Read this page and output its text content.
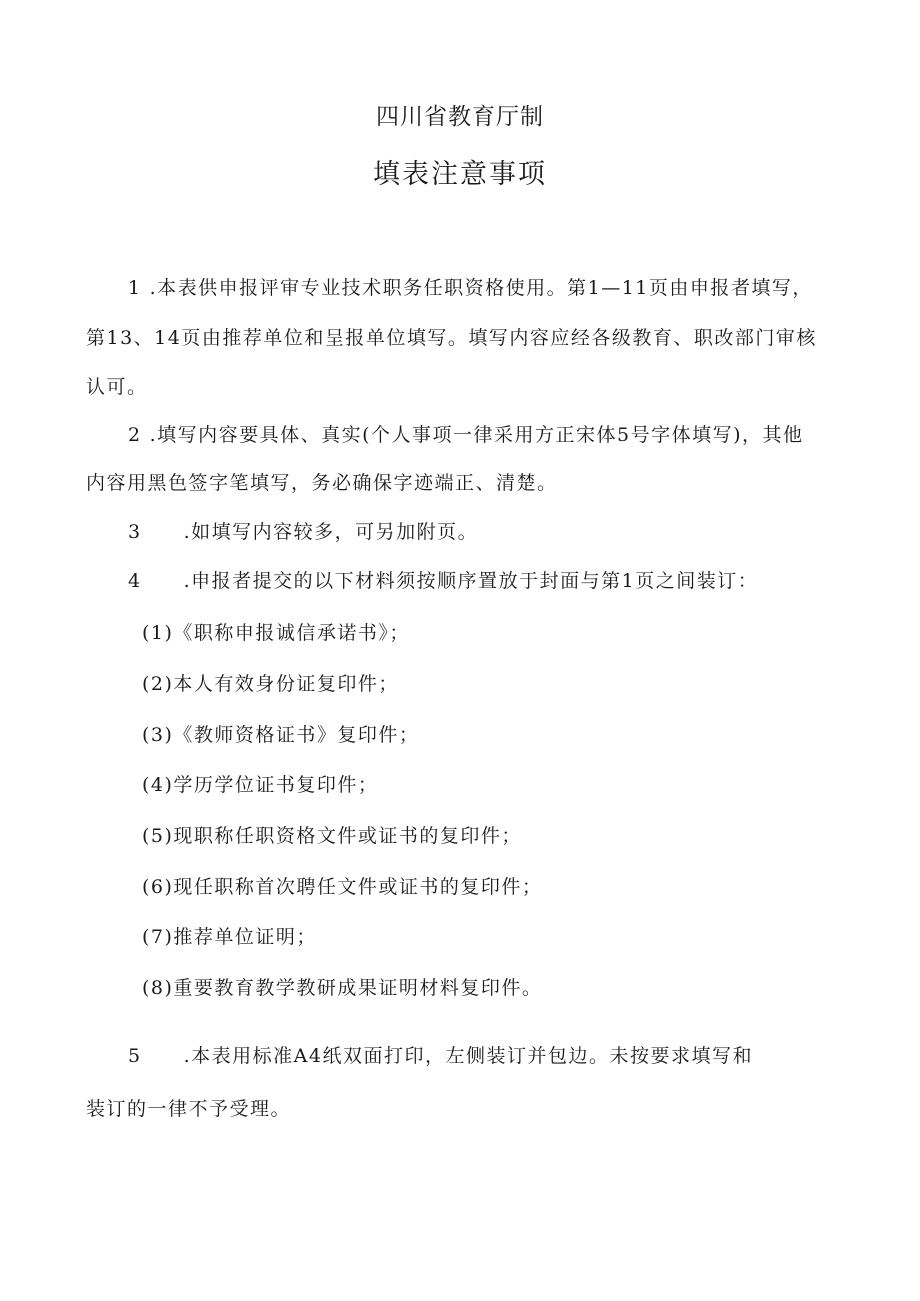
四川省教育厅制
填表注意事项
1 .本表供申报评审专业技术职务任职资格使用。第1—11页由申报者填写，
第13、14页由推荐单位和呈报单位填写。填写内容应经各级教育、职改部门审核
认可。
2 .填写内容要具体、真实(个人事项一律采用方正宋体5号字体填写)，其他
内容用黑色签字笔填写，务必确保字迹端正、清楚。
3 .如填写内容较多，可另加附页。
4 .申报者提交的以下材料须按顺序置放于封面与第1页之间装订：
(1)《职称申报诚信承诺书》；
(2)本人有效身份证复印件；
(3)《教师资格证书》复印件；
(4)学历学位证书复印件；
(5)现职称任职资格文件或证书的复印件；
(6)现任职称首次聘任文件或证书的复印件；
(7)推荐单位证明；
(8)重要教育教学教研成果证明材料复印件。
5 .本表用标准A4纸双面打印，左侧装订并包边。未按要求填写和
装订的一律不予受理。
